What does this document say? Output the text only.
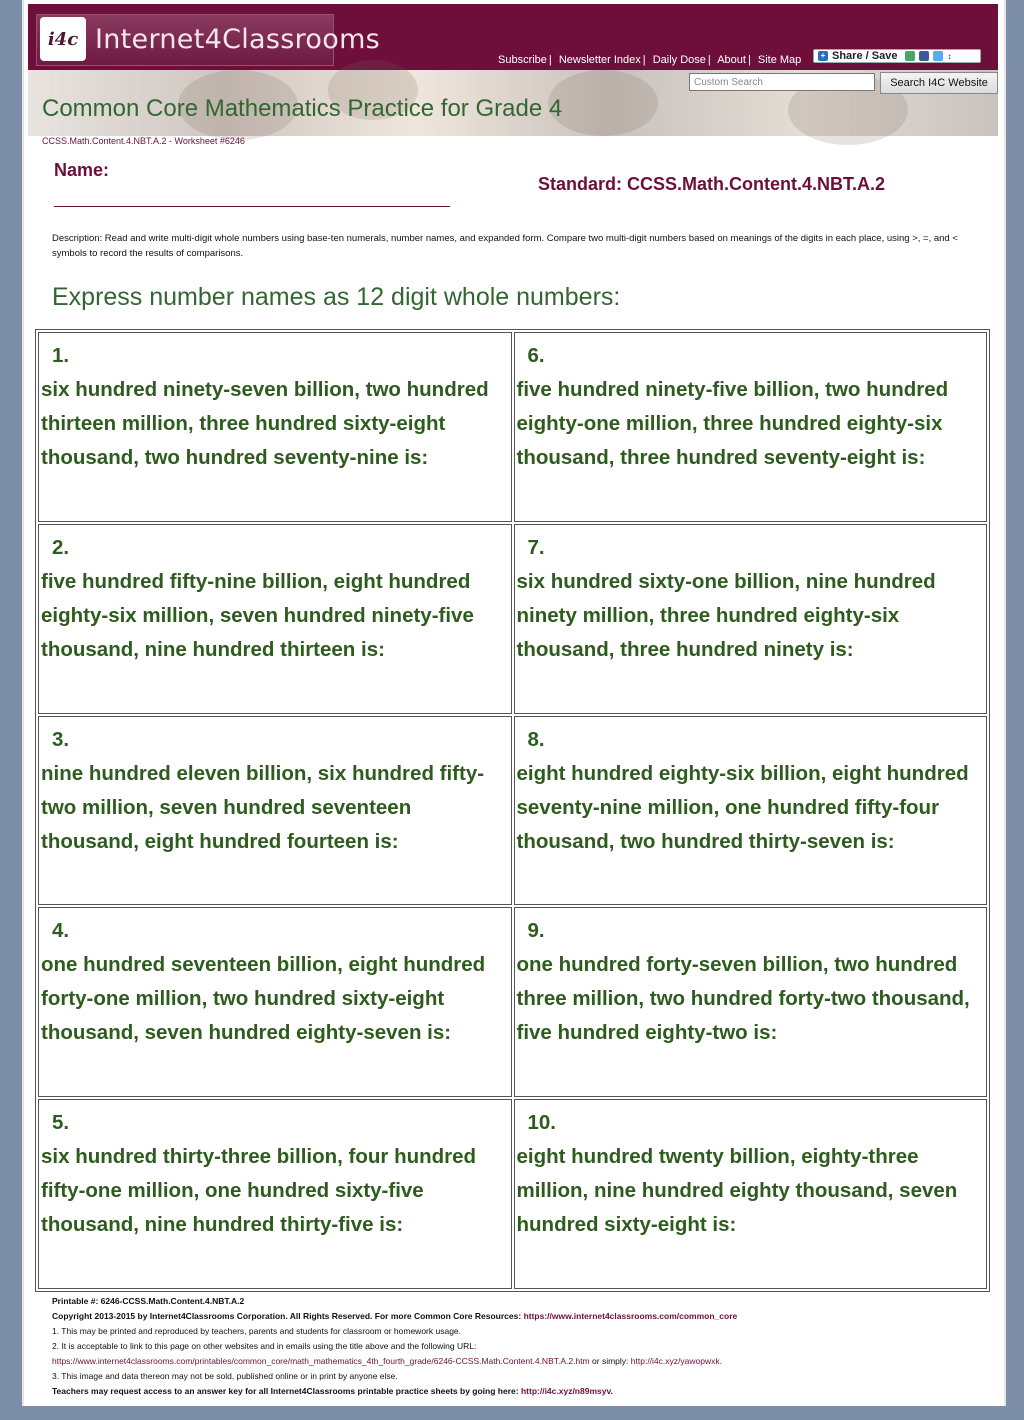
i4c Internet4Classrooms
Subscribe | Newsletter Index | Daily Dose | About | Site Map	+ Share / Save	↕
Custom Search
Search I4C Website
Common Core Mathematics Practice for Grade 4
CCSS.Math.Content.4.NBT.A.2 - Worksheet #6246
Name:
Standard: CCSS.Math.Content.4.NBT.A.2
Description: Read and write multi-digit whole numbers using base-ten numerals, number names, and expanded form. Compare two multi-digit numbers based on meanings of the digits in each place, using >, =, and < symbols to record the results of comparisons.
Express number names as 12 digit whole numbers:
1.
six hundred ninety-seven billion, two hundred thirteen million, three hundred sixty-eight thousand, two hundred seventy-nine is:
6.
five hundred ninety-five billion, two hundred eighty-one million, three hundred eighty-six thousand, three hundred seventy-eight is:
2.
five hundred fifty-nine billion, eight hundred eighty-six million, seven hundred ninety-five thousand, nine hundred thirteen is:
7.
six hundred sixty-one billion, nine hundred ninety million, three hundred eighty-six thousand, three hundred ninety is:
3.
nine hundred eleven billion, six hundred fifty-two million, seven hundred seventeen thousand, eight hundred fourteen is:
8.
eight hundred eighty-six billion, eight hundred seventy-nine million, one hundred fifty-four thousand, two hundred thirty-seven is:
4.
one hundred seventeen billion, eight hundred forty-one million, two hundred sixty-eight thousand, seven hundred eighty-seven is:
9.
one hundred forty-seven billion, two hundred three million, two hundred forty-two thousand, five hundred eighty-two is:
5.
six hundred thirty-three billion, four hundred fifty-one million, one hundred sixty-five thousand, nine hundred thirty-five is:
10.
eight hundred twenty billion, eighty-three million, nine hundred eighty thousand, seven hundred sixty-eight is:
Printable #: 6246-CCSS.Math.Content.4.NBT.A.2
Copyright 2013-2015 by Internet4Classrooms Corporation. All Rights Reserved. For more Common Core Resources: https://www.internet4classrooms.com/common_core
1. This may be printed and reproduced by teachers, parents and students for classroom or homework usage.
2. It is acceptable to link to this page on other websites and in emails using the title above and the following URL:
https://www.internet4classrooms.com/printables/common_core/math_mathematics_4th_fourth_grade/6246-CCSS.Math.Content.4.NBT.A.2.htm or simply: http://i4c.xyz/yawopwxk.
3. This image and data thereon may not be sold, published online or in print by anyone else.
Teachers may request access to an answer key for all Internet4Classrooms printable practice sheets by going here: http://i4c.xyz/n89msyv.
